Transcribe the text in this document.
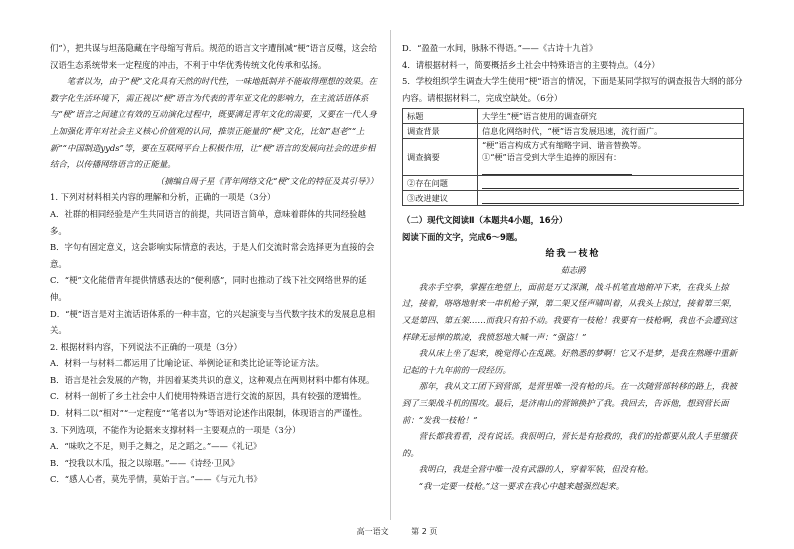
们”），把共谋与坦荡隐藏在字母缩写背后。规范的语言文字遭削减“梗”语言反噬，这会给汉语生态系统带来一定程度的冲击，不利于中华优秀传统文化传承和弘扬。

笔者以为，由于“梗”文化具有天然的时代性，一味地抵制并不能取得理想的效果。在数字化生活环境下，需正视以“梗”语言为代表的青年亚文化的影响力，在主流话语体系与“梗”语言之间建立有效的互动演化过程中，既要满足青年文化的需要，又要在一代人身上加强化青年对社会主义核心价值观的认同，推崇正能量的“梗”文化，比如“赵老”“上新”“中国制造yyds”等，要在互联网平台上积极作用，让“梗”语言的发展向社会的进步相结合，以传播网络语言的正能量。

（摘编自周子星《青年网络文化“梗”文化的特征及其引导》）

1. 下列对材料相关内容的理解和分析，正确的一项是（3分）

A．社群的相同经验是产生共同语言的前提，共同语言简单，意味着群体的共同经验越多。

B．字句有固定意义，这会影响实际情意的表达，于是人们交流时常会选择更为直接的会意。

C．“梗”文化能借青年提供情感表达的“便利感”，同时也推动了线下社交网络世界的延伸。

D．“梗”语言是对主流话语体系的一种丰富，它的兴起演变与当代数字技术的发展息息相关。

2. 根据材料内容，下列说法不正确的一项是（3分）

A．材料一与材料二都运用了比喻论证、举例论证和类比论证等论证方法。

B．语言是社会发展的产物，并因着某类共识的意义，这种观点在两则材料中都有体现。

C．材料一剖析了乡土社会中人们使用特殊语言进行交流的原因，具有较强的逻辑性。

D．材料二以“相对”“一定程度”“笔者以为”等语对论述作出限制，体现语言的严谨性。

3. 下列选项，不能作为论据来支撑材料一主要观点的一项是（3分）

A．“味吹之不足，则手之舞之，足之蹈之。”——《礼记》

B．“投我以木瓜，报之以琼琚。”——《诗经·卫风》

C．“感人心者，莫先乎情，莫始于言。”——《与元九书》

D．“盈盈一水间，脉脉不得语。”——《古诗十九首》

4．请根据材料一，简要概括乡土社会中特殊语言的主要特点。（4分）

5．学校组织学生调查大学生使用“梗”语言的情况，下面是某同学拟写的调查报告大纲的部分内容。请根据材料二，完成空缺处。（6分）

标题	大学生“梗”语言使用的调查研究
调查背景	信息化网络时代，“梗”语言发展迅速，流行面广。
调查摘要	“梗”语言构成方式有缩略字词、谐音替换等。
①“梗”语言受到大学生追捧的原因有：

②存在问题	

③改进建议	

（二）现代文阅读Ⅱ（本题共4小题，16分）

阅读下面的文字，完成6～9题。

给我一枝枪

茹志鹃

我赤手空拳，掌握在绝望上，面前是万丈深渊，战斗机笔直地俯冲下来，在我头上掠过，接着，咯咯地射来一串机枪子弹，第二架又怪声啸叫着，从我头上掠过，接着第三架，又是第四、第五架……而我只有拍不动。我要有一枝枪！我要有一枝枪啊，我也不会遭到这样肆无忌惮的欺凌，我愤怒地大喊一声：“强盗！”

我从床上坐了起来，晚觉得心在乱跳。好熟悉的梦啊！它又不是梦，是我在熟睡中重新记起的十九年前的一段经历。

那年，我从文工团下到营部，是营里唯一没有枪的兵。在一次随营部转移的路上，我被到了三架战斗机的围攻。最后，是济南山的营锦换护了我。我回去，告诉他，想到营长面前：“发我一枝枪！”

营长都我看看，没有说话。我很明白，营长是有抢救的，我们的抢都要从敌人手里缴获的。

我明白，我是全营中唯一没有武器的人，穿着军装，但没有枪。

“我一定要一枝枪。”这一要求在我心中越来越强烈起来。

高一语文	第 2 页
